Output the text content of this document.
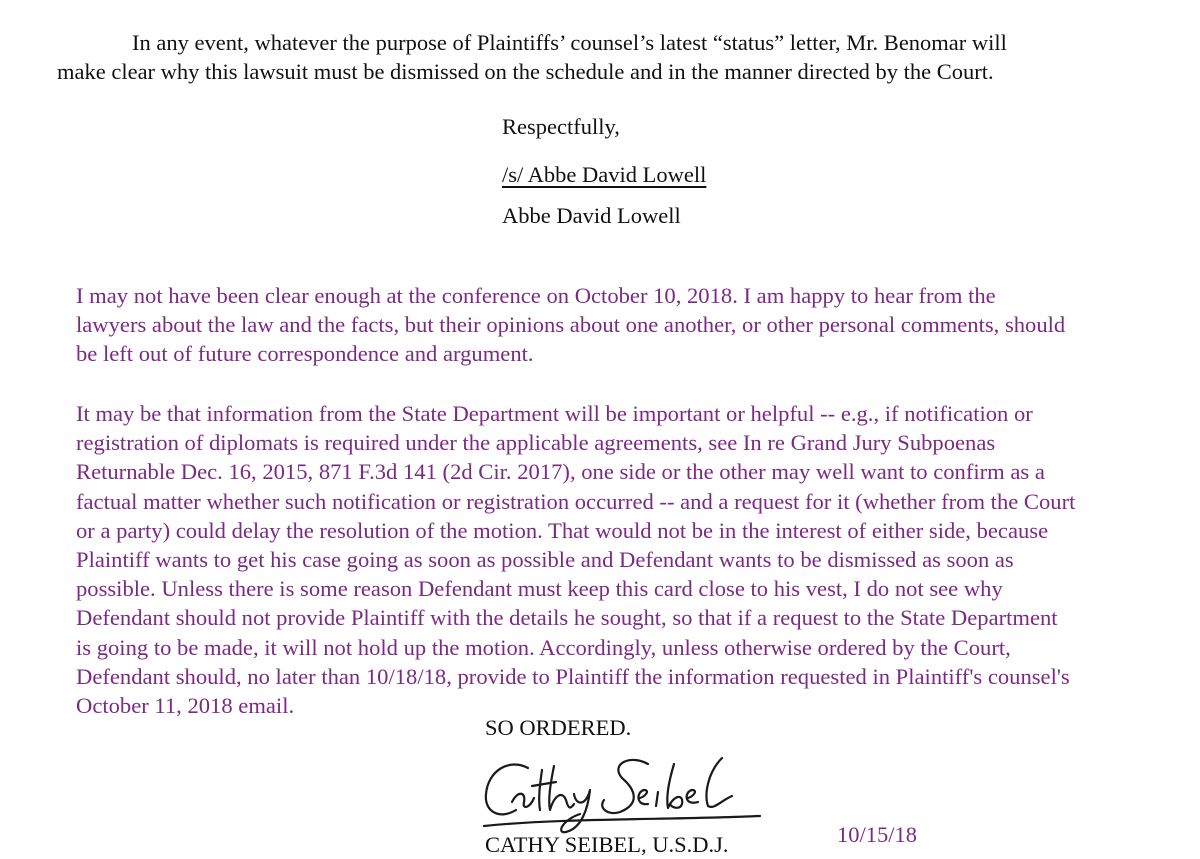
In any event, whatever the purpose of Plaintiffs’ counsel’s latest “status” letter, Mr. Benomar will
make clear why this lawsuit must be dismissed on the schedule and in the manner directed by the Court.
Respectfully,
/s/ Abbe David Lowell
Abbe David Lowell
I may not have been clear enough at the conference on October 10, 2018. I am happy to hear from the
lawyers about the law and the facts, but their opinions about one another, or other personal comments, should
be left out of future correspondence and argument.
It may be that information from the State Department will be important or helpful -- e.g., if notification or
registration of diplomats is required under the applicable agreements, see In re Grand Jury Subpoenas
Returnable Dec. 16, 2015, 871 F.3d 141 (2d Cir. 2017), one side or the other may well want to confirm as a
factual matter whether such notification or registration occurred -- and a request for it (whether from the Court
or a party) could delay the resolution of the motion. That would not be in the interest of either side, because
Plaintiff wants to get his case going as soon as possible and Defendant wants to be dismissed as soon as
possible. Unless there is some reason Defendant must keep this card close to his vest, I do not see why
Defendant should not provide Plaintiff with the details he sought, so that if a request to the State Department
is going to be made, it will not hold up the motion. Accordingly, unless otherwise ordered by the Court,
Defendant should, no later than 10/18/18, provide to Plaintiff the information requested in Plaintiff's counsel's
October 11, 2018 email.
SO ORDERED.
Cathy Seibel
CATHY SEIBEL, U.S.D.J.	10/15/18
